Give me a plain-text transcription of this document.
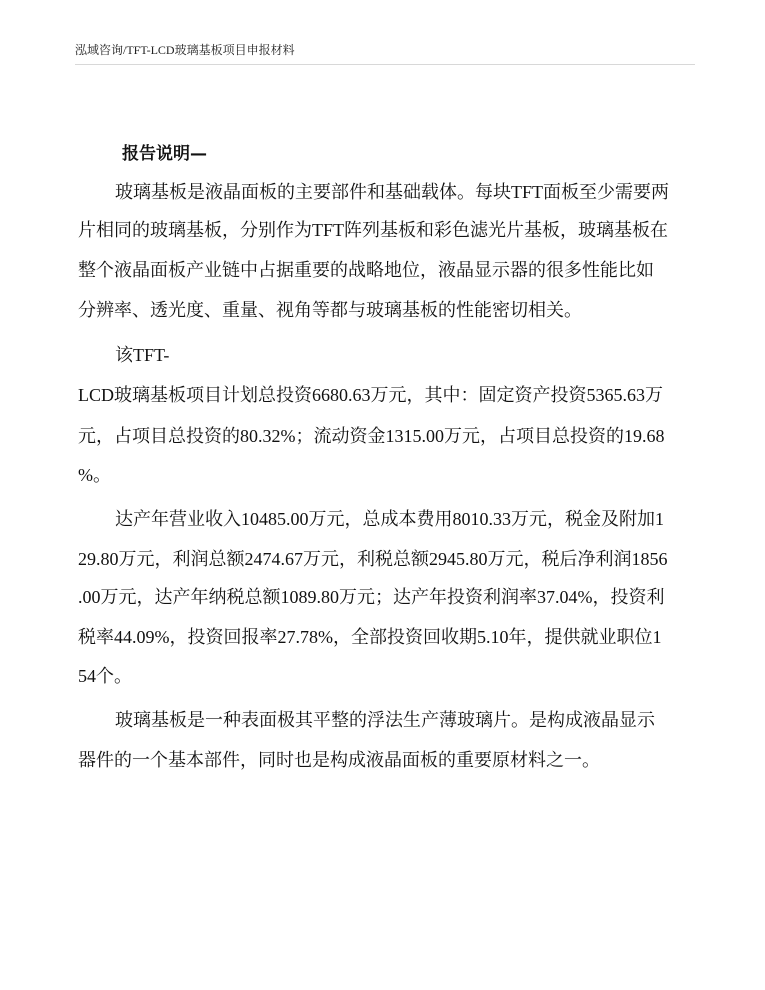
泓域咨询/TFT-LCD玻璃基板项目申报材料
报告说明—
玻璃基板是液晶面板的主要部件和基础载体。每块TFT面板至少需要两
片相同的玻璃基板，分别作为TFT阵列基板和彩色滤光片基板，玻璃基板在
整个液晶面板产业链中占据重要的战略地位，液晶显示器的很多性能比如
分辨率、透光度、重量、视角等都与玻璃基板的性能密切相关。
该TFT-
LCD玻璃基板项目计划总投资6680.63万元，其中：固定资产投资5365.63万
元，占项目总投资的80.32%；流动资金1315.00万元，占项目总投资的19.68
%。
达产年营业收入10485.00万元，总成本费用8010.33万元，税金及附加1
29.80万元，利润总额2474.67万元，利税总额2945.80万元，税后净利润1856
.00万元，达产年纳税总额1089.80万元；达产年投资利润率37.04%，投资利
税率44.09%，投资回报率27.78%，全部投资回收期5.10年，提供就业职位1
54个。
玻璃基板是一种表面极其平整的浮法生产薄玻璃片。是构成液晶显示
器件的一个基本部件，同时也是构成液晶面板的重要原材料之一。
